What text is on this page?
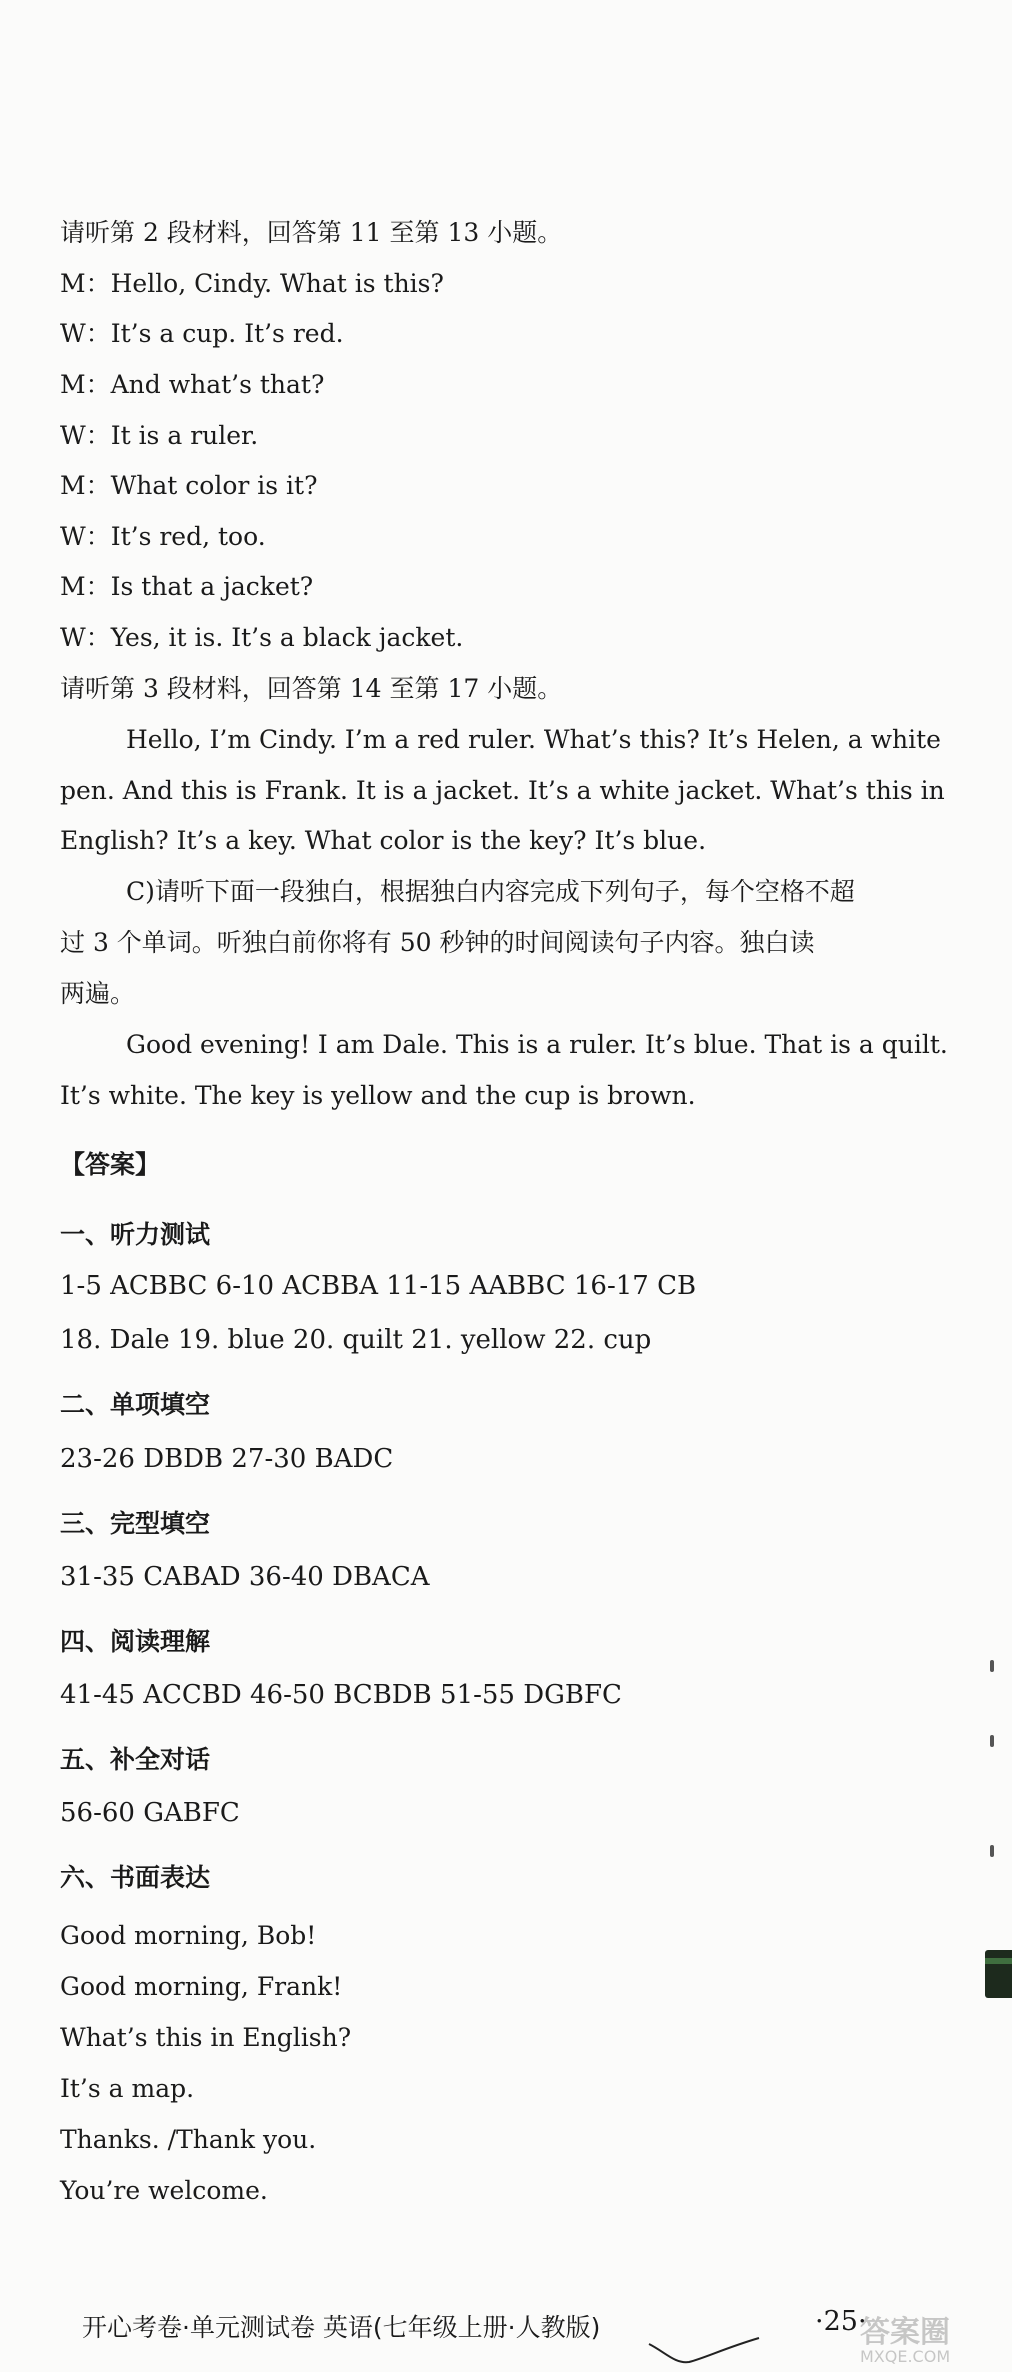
请听第 2 段材料，回答第 11 至第 13 小题。
M：Hello, Cindy. What is this?
W：It’s a cup. It’s red.
M：And what’s that?
W：It is a ruler.
M：What color is it?
W：It’s red, too.
M：Is that a jacket?
W：Yes, it is. It’s a black jacket.
请听第 3 段材料，回答第 14 至第 17 小题。
Hello, I’m Cindy. I’m a red ruler. What’s this? It’s Helen, a white
pen. And this is Frank. It is a jacket. It’s a white jacket. What’s this in
English? It’s a key. What color is the key? It’s blue.
C)请听下面一段独白，根据独白内容完成下列句子，每个空格不超
过 3 个单词。听独白前你将有 50 秒钟的时间阅读句子内容。独白读
两遍。
Good evening! I am Dale. This is a ruler. It’s blue. That is a quilt.
It’s white. The key is yellow and the cup is brown.
【答案】
一、听力测试
1-5 ACBBC 6-10 ACBBA 11-15 AABBC 16-17 CB
18. Dale 19. blue 20. quilt 21. yellow 22. cup
二、单项填空
23-26 DBDB 27-30 BADC
三、完型填空
31-35 CABAD 36-40 DBACA
四、阅读理解
41-45 ACCBD 46-50 BCBDB 51-55 DGBFC
五、补全对话
56-60 GABFC
六、书面表达
Good morning, Bob!
Good morning, Frank!
What’s this in English?
It’s a map.
Thanks. /Thank you.
You’re welcome.
开心考卷·单元测试卷 英语(七年级上册·人教版)	·25·
答案圈
MXQE.COM
